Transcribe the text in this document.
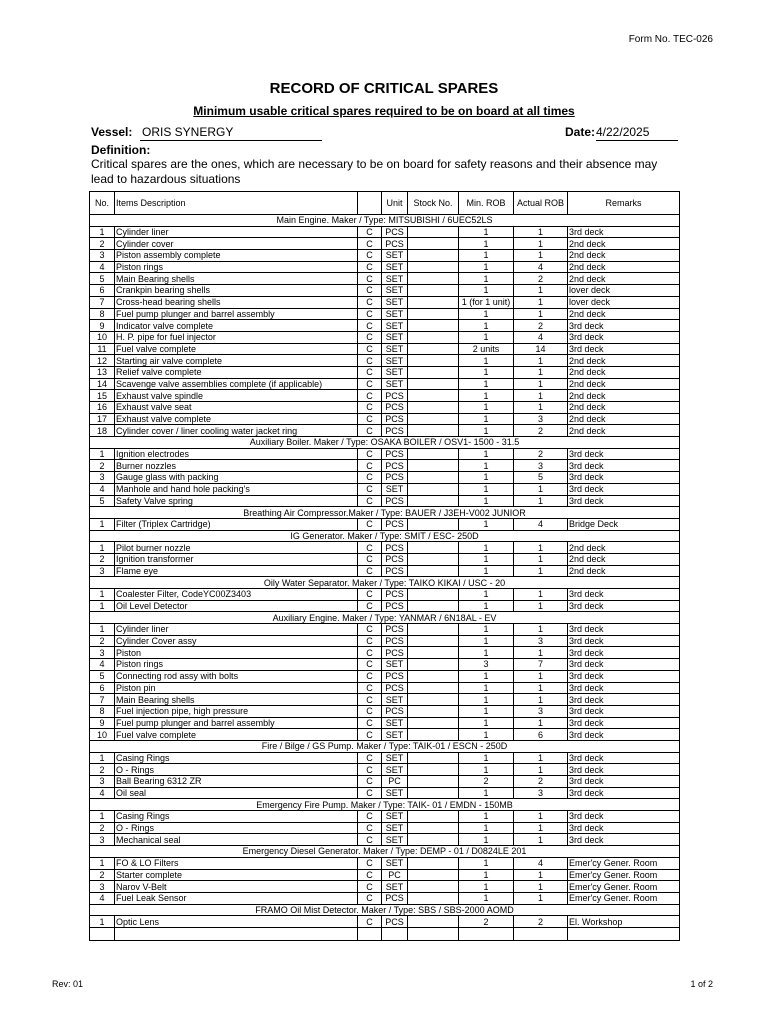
Form No. TEC-026
RECORD OF CRITICAL SPARES
Minimum usable critical spares required to be on board at all times
Vessel: ORIS SYNERGY	Date: 4/22/2025
Definition:
Critical spares are the ones, which are necessary to be on board for safety reasons and their absence may lead to hazardous situations
No.	Items Description		Unit	Stock No.	Min. ROB	Actual ROB	Remarks
Main Engine. Maker / Type: MITSUBISHI / 6UEC52LS							
1	Cylinder liner	C	PCS		1	1	3rd deck
2	Cylinder cover	C	PCS		1	1	2nd deck
3	Piston assembly complete	C	SET		1	1	2nd deck
4	Piston rings	C	SET		1	4	2nd deck
5	Main Bearing shells	C	SET		1	2	2nd deck
6	Crankpin bearing shells	C	SET		1	1	lover deck
7	Cross-head bearing shells	C	SET		1 (for 1 unit)	1	lover deck
8	Fuel pump plunger and barrel assembly	C	SET		1	1	2nd deck
9	Indicator valve complete	C	SET		1	2	3rd deck
10	H. P. pipe for fuel injector	C	SET		1	4	3rd deck
11	Fuel valve complete	C	SET		2 units	14	3rd deck
12	Starting air valve complete	C	SET		1	1	2nd deck
13	Relief valve complete	C	SET		1	1	2nd deck
14	Scavenge valve assemblies complete (if applicable)	C	SET		1	1	2nd deck
15	Exhaust valve spindle	C	PCS		1	1	2nd deck
16	Exhaust valve seat	C	PCS		1	1	2nd deck
17	Exhaust valve complete	C	PCS		1	3	2nd deck
18	Cylinder cover / liner cooling water jacket ring	C	PCS		1	2	2nd deck
Auxiliary Boiler. Maker / Type: OSAKA BOILER / OSV1- 1500 - 31.5							
1	Ignition electrodes	C	PCS		1	2	3rd deck
2	Burner nozzles	C	PCS		1	3	3rd deck
3	Gauge glass with packing	C	PCS		1	5	3rd deck
4	Manhole and hand hole packing's	C	SET		1	1	3rd deck
5	Safety Valve spring	C	PCS		1	1	3rd deck
Breathing Air Compressor.Maker / Type: BAUER / J3EH-V002 JUNIOR							
1	Filter (Triplex Cartridge)	C	PCS		1	4	Bridge Deck
IG Generator. Maker / Type: SMIT / ESC- 250D							
1	Pilot burner nozzle	C	PCS		1	1	2nd deck
2	Ignition transformer	C	PCS		1	1	2nd deck
3	Flame eye	C	PCS		1	1	2nd deck
Oily Water Separator. Maker / Type: TAIKO KIKAI / USC - 20							
1	Coalester Filter, CodeYC00Z3403	C	PCS		1	1	3rd deck
1	Oil Level Detector	C	PCS		1	1	3rd deck
Auxiliary Engine. Maker / Type: YANMAR / 6N18AL - EV							
1	Cylinder liner	C	PCS		1	1	3rd deck
2	Cylinder Cover assy	C	PCS		1	3	3rd deck
3	Piston	C	PCS		1	1	3rd deck
4	Piston rings	C	SET		3	7	3rd deck
5	Connecting rod assy with bolts	C	PCS		1	1	3rd deck
6	Piston pin	C	PCS		1	1	3rd deck
7	Main Bearing shells	C	SET		1	1	3rd deck
8	Fuel injection pipe, high pressure	C	PCS		1	3	3rd deck
9	Fuel pump plunger and barrel assembly	C	SET		1	1	3rd deck
10	Fuel valve complete	C	SET		1	6	3rd deck
Fire / Bilge / GS Pump. Maker / Type: TAIK-01 / ESCN - 250D							
1	Casing Rings	C	SET		1	1	3rd deck
2	O - Rings	C	SET		1	1	3rd deck
3	Ball Bearing 6312 ZR	C	PC		2	2	3rd deck
4	Oil seal	C	SET		1	3	3rd deck
Emergency Fire Pump. Maker / Type: TAIK- 01 / EMDN - 150MB							
1	Casing Rings	C	SET		1	1	3rd deck
2	O - Rings	C	SET		1	1	3rd deck
3	Mechanical seal	C	SET		1	1	3rd deck
Emergency Diesel Generator. Maker / Type: DEMP - 01 / D0824LE 201							
1	FO & LO Filters	C	SET		1	4	Emer'cy Gener. Room
2	Starter complete	C	PC		1	1	Emer'cy Gener. Room
3	Narov V-Belt	C	SET		1	1	Emer'cy Gener. Room
4	Fuel Leak Sensor	C	PCS		1	1	Emer'cy Gener. Room
FRAMO Oil Mist Detector. Maker / Type: SBS / SBS-2000 AOMD							
1	Optic Lens	C	PCS		2	2	El. Workshop

Rev: 01	1 of 2
